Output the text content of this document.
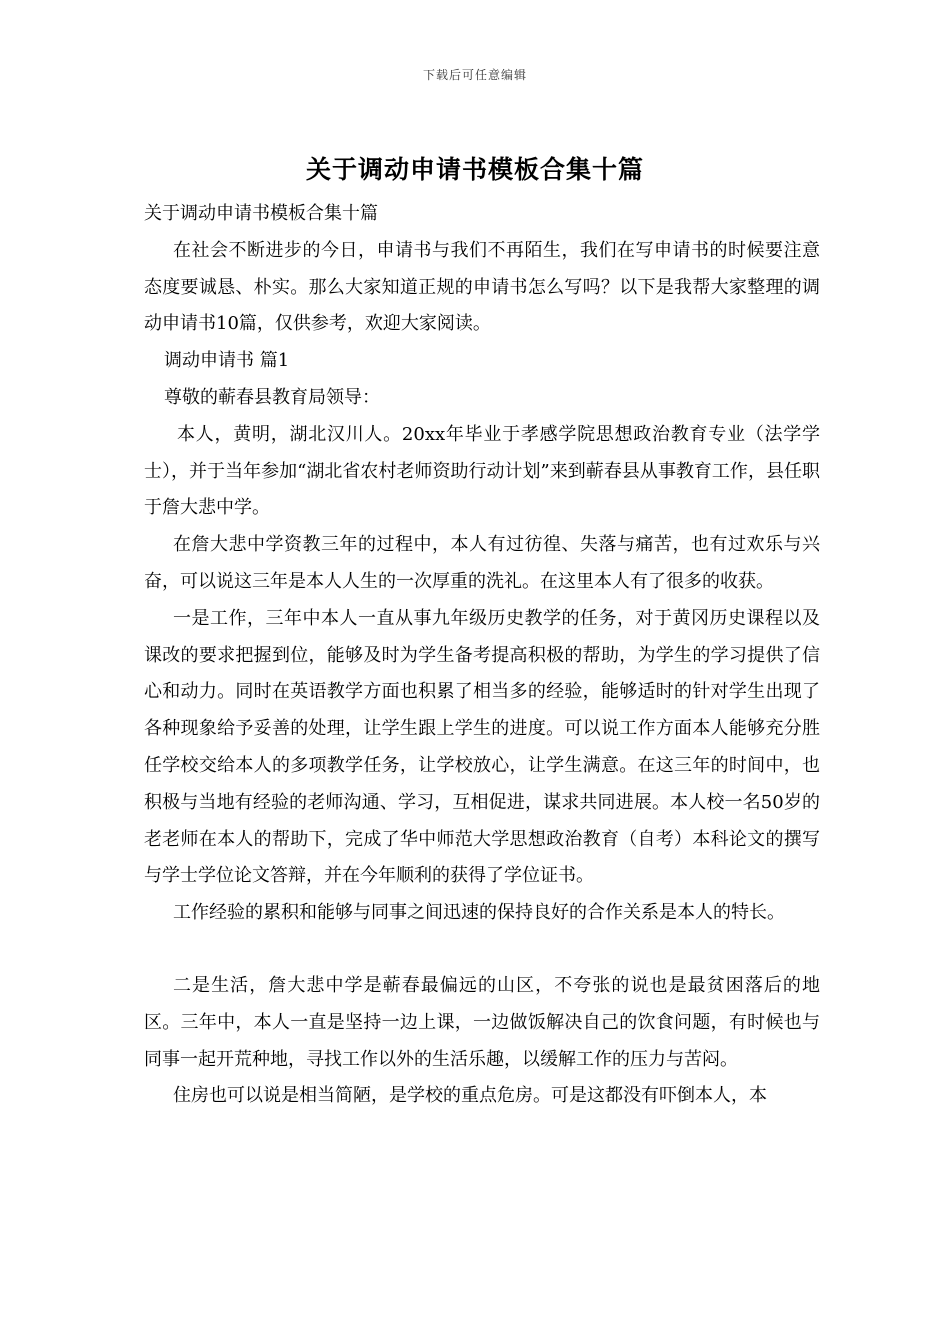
下载后可任意编辑
关于调动申请书模板合集十篇

关于调动申请书模板合集十篇

在社会不断进步的今日，申请书与我们不再陌生，我们在写申请书的时候要注意态度要诚恳、朴实。那么大家知道正规的申请书怎么写吗？以下是我帮大家整理的调动申请书10篇，仅供参考，欢迎大家阅读。

调动申请书 篇1

尊敬的蕲春县教育局领导：

本人，黄明，湖北汉川人。20xx年毕业于孝感学院思想政治教育专业（法学学士），并于当年参加“湖北省农村老师资助行动计划”来到蕲春县从事教育工作，县任职于詹大悲中学。

在詹大悲中学资教三年的过程中，本人有过彷徨、失落与痛苦，也有过欢乐与兴奋，可以说这三年是本人人生的一次厚重的洗礼。在这里本人有了很多的收获。

一是工作，三年中本人一直从事九年级历史教学的任务，对于黄冈历史课程以及课改的要求把握到位，能够及时为学生备考提高积极的帮助，为学生的学习提供了信心和动力。同时在英语教学方面也积累了相当多的经验，能够适时的针对学生出现了各种现象给予妥善的处理，让学生跟上学生的进度。可以说工作方面本人能够充分胜任学校交给本人的多项教学任务，让学校放心，让学生满意。在这三年的时间中，也积极与当地有经验的老师沟通、学习，互相促进，谋求共同进展。本人校一名50岁的老老师在本人的帮助下，完成了华中师范大学思想政治教育（自考）本科论文的撰写与学士学位论文答辩，并在今年顺利的获得了学位证书。

工作经验的累积和能够与同事之间迅速的保持良好的合作关系是本人的特长。

二是生活，詹大悲中学是蕲春最偏远的山区，不夸张的说也是最贫困落后的地区。三年中，本人一直是坚持一边上课，一边做饭解决自己的饮食问题，有时候也与同事一起开荒种地，寻找工作以外的生活乐趣，以缓解工作的压力与苦闷。

住房也可以说是相当简陋，是学校的重点危房。可是这都没有吓倒本人，本
